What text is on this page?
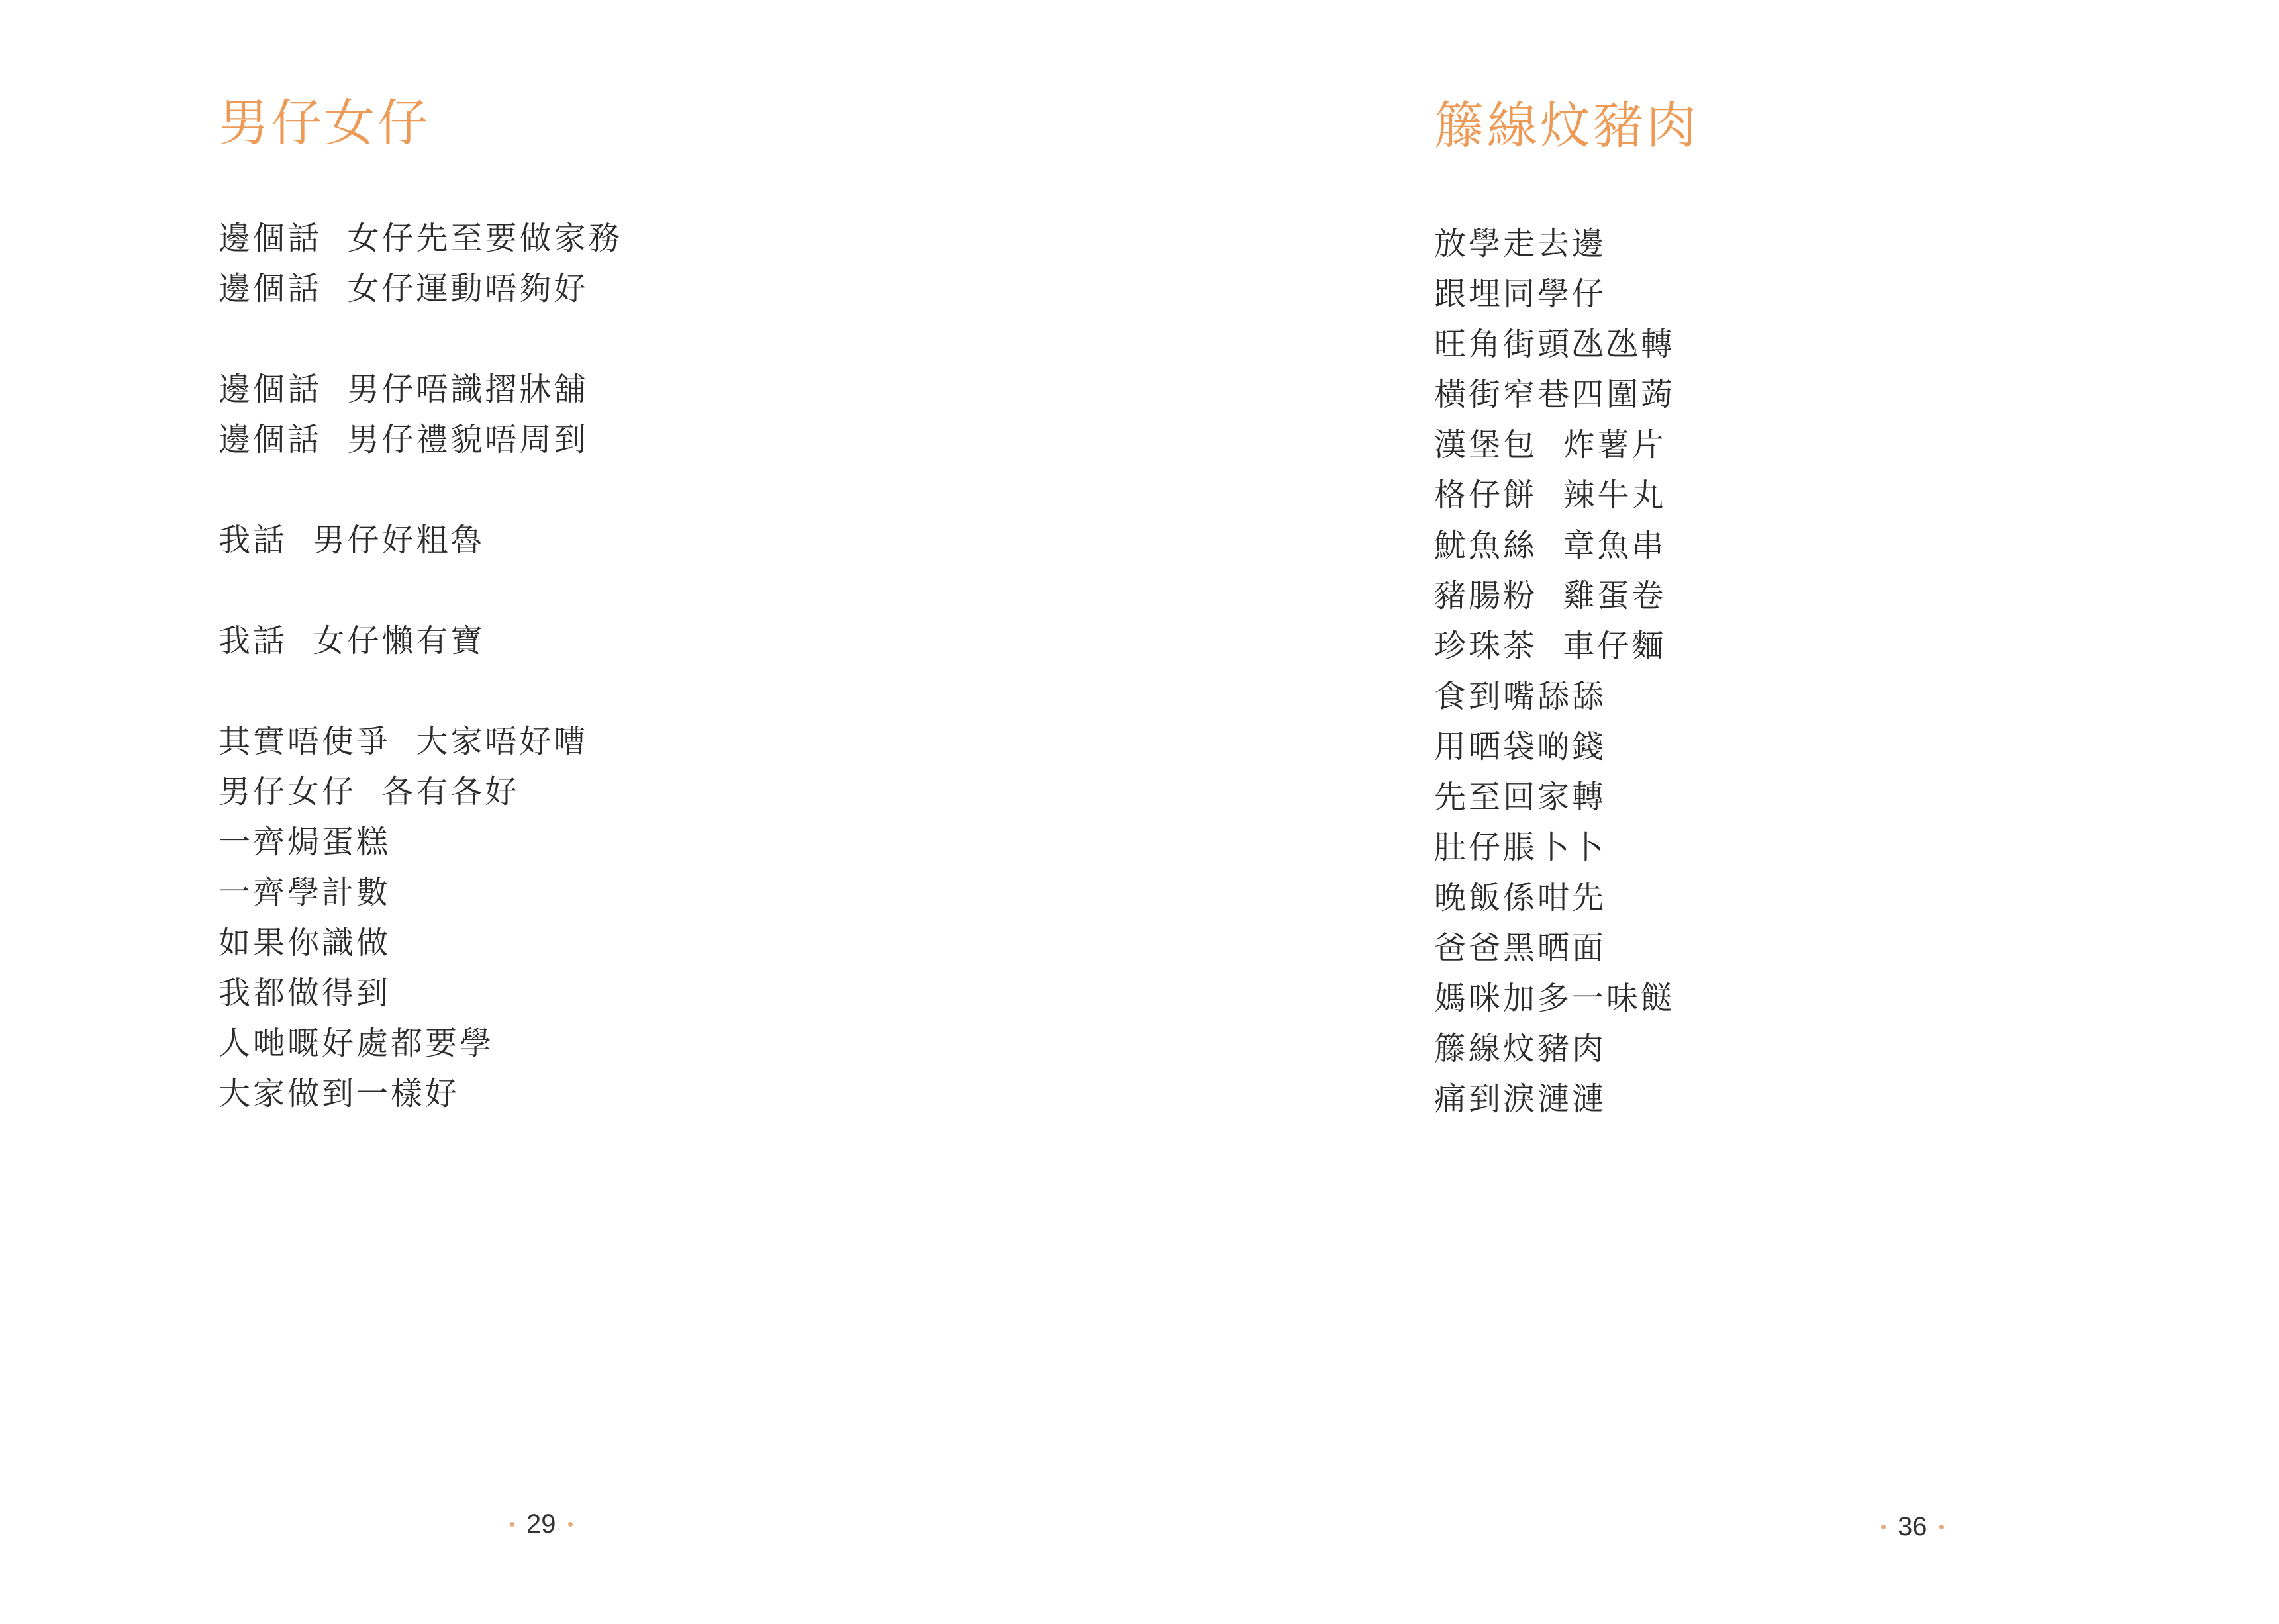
男仔女仔
邊個話  女仔先至要做家務
邊個話  女仔運動唔夠好
邊個話  男仔唔識摺牀舖
邊個話  男仔禮貌唔周到
我話  男仔好粗魯
我話  女仔懶有寶
其實唔使爭  大家唔好嘈
男仔女仔  各有各好
一齊焗蛋糕
一齊學計數
如果你識做
我都做得到
人哋嘅好處都要學
大家做到一樣好
29
籐線炆豬肉
放學走去邊
跟埋同學仔
旺角街頭氹氹轉
橫街窄巷四圍蒟
漢堡包  炸薯片
格仔餅  辣牛丸
魷魚絲  章魚串
豬腸粉  雞蛋卷
珍珠茶  車仔麵
食到嘴舔舔
用晒袋啲錢
先至回家轉
肚仔脹卜卜
晚飯係咁先
爸爸黑晒面
媽咪加多一味餸
籐線炆豬肉
痛到淚漣漣
36
